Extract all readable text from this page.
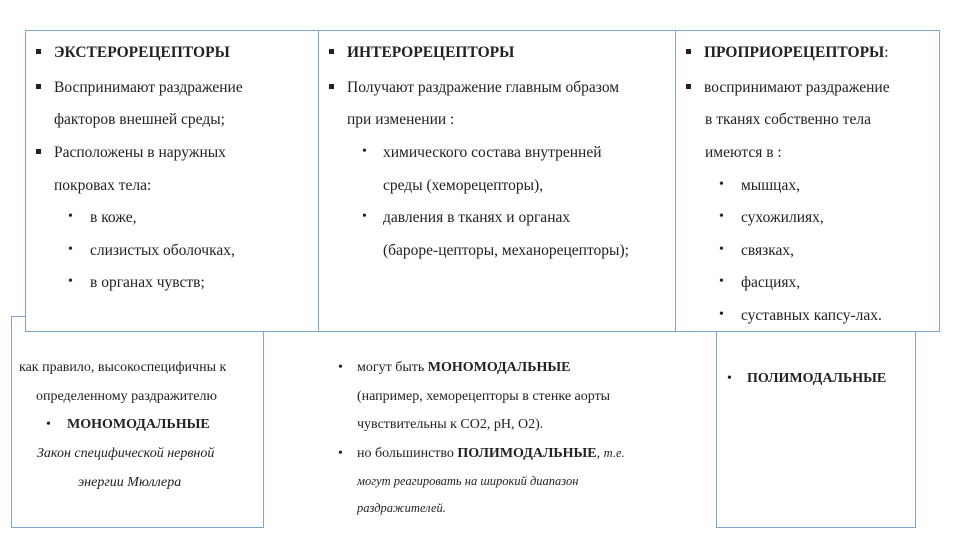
ЭКСТЕРОРЕЦЕПТОРЫ
Воспринимают раздражение
факторов внешней среды;
Расположены в наружных
покровах тела:
• в коже,
• слизистых оболочках,
• в органах чувств;
ИНТЕРОРЕЦЕПТОРЫ
Получают раздражение главным образом
при изменении :
• химического состава внутренней
среды (хеморецепторы),
• давления в тканях и органах
(бароре-цепторы, механорецепторы);
ПРОПРИОРЕЦЕПТОРЫ:
воспринимают раздражение
в тканях собственно тела
имеются в :
• мышцах,
• сухожилиях,
• связках,
• фасциях,
• суставных капсу-лах.
как правило, высокоспецифичны к
определенному раздражителю
• МОНОМОДАЛЬНЫЕ
Закон специфической нервной
энергии Мюллера
• могут быть МОНОМОДАЛЬНЫЕ
(например, хеморецепторы в стенке аорты
чувствительны к СО2, pH, O2).
• но большинство ПОЛИМОДАЛЬНЫЕ, т.е.
могут реагировать на широкий диапазон
раздражителей.
• ПОЛИМОДАЛЬНЫЕ
